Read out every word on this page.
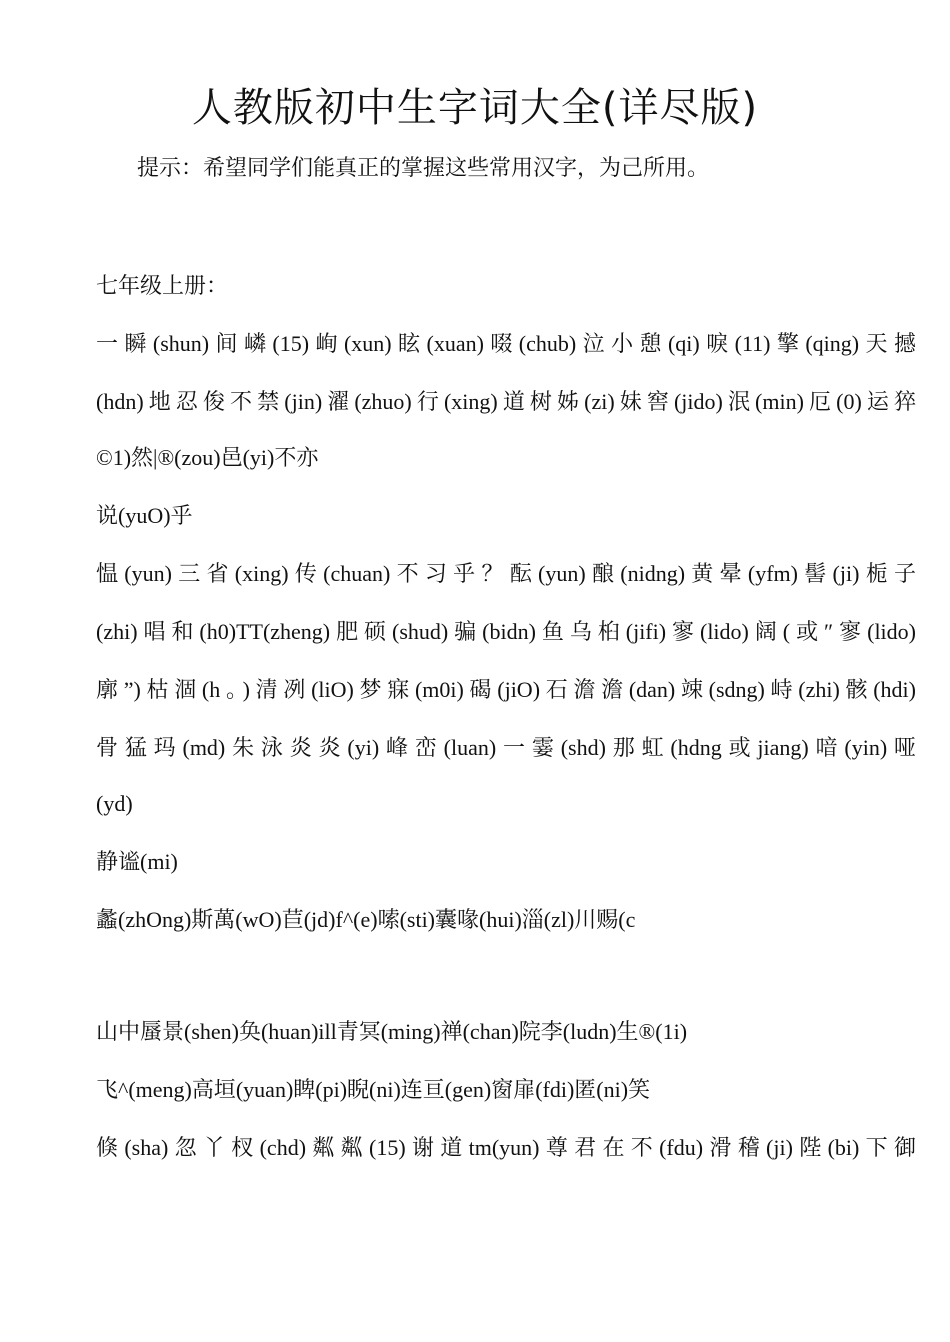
人教版初中生字词大全(详尽版)
提示：希望同学们能真正的掌握这些常用汉字，为己所用。
七年级上册：
一瞬(shun)间嶙(15)峋(xun)眩(xuan)啜(chub)泣小憩(qi)唳(11)擎(qing)天撼
(hdn)地忍俊不禁(jin)濯(zhuo)行(xing)道树姊(zi)妹窖(jido)泯(min)厄(0)运猝
©1)然|®(zou)邑(yi)不亦
说(yuO)乎
愠(yun)三省(xing)传(chuan)不习乎？酝(yun)酿(nidng)黄晕(yfm)髻(ji)栀子
(zhi)唱和(h0)TT(zheng)肥硕(shud)骗(bidn)鱼乌桕(jifi)寥(lido)阔(或″寥(lido)
廓”)枯涸(h。)清冽(liO)梦寐(m0i)碣(jiO)石澹澹(dan)竦(sdng)峙(zhi)骸(hdi)
骨猛玛(md)朱泳炎炎(yi)峰峦(luan)一霎(shd)那虹(hdng或jiang)喑(yin)哑
(yd)
静谧(mi)
蠡(zhOng)斯萬(wO)苣(jd)f^(e)嗦(sti)囊喙(hui)淄(zl)川赐(c
山中蜃景(shen)奂(huan)ill青冥(ming)禅(chan)院李(ludn)生®(1i)
飞^(meng)高垣(yuan)睥(pi)睨(ni)连亘(gen)窗扉(fdi)匿(ni)笑
倏(sha)忽丫杈(chd)粼粼(15)谢道tm(yun)尊君在不(fdu)滑稽(ji)陛(bi)下御
